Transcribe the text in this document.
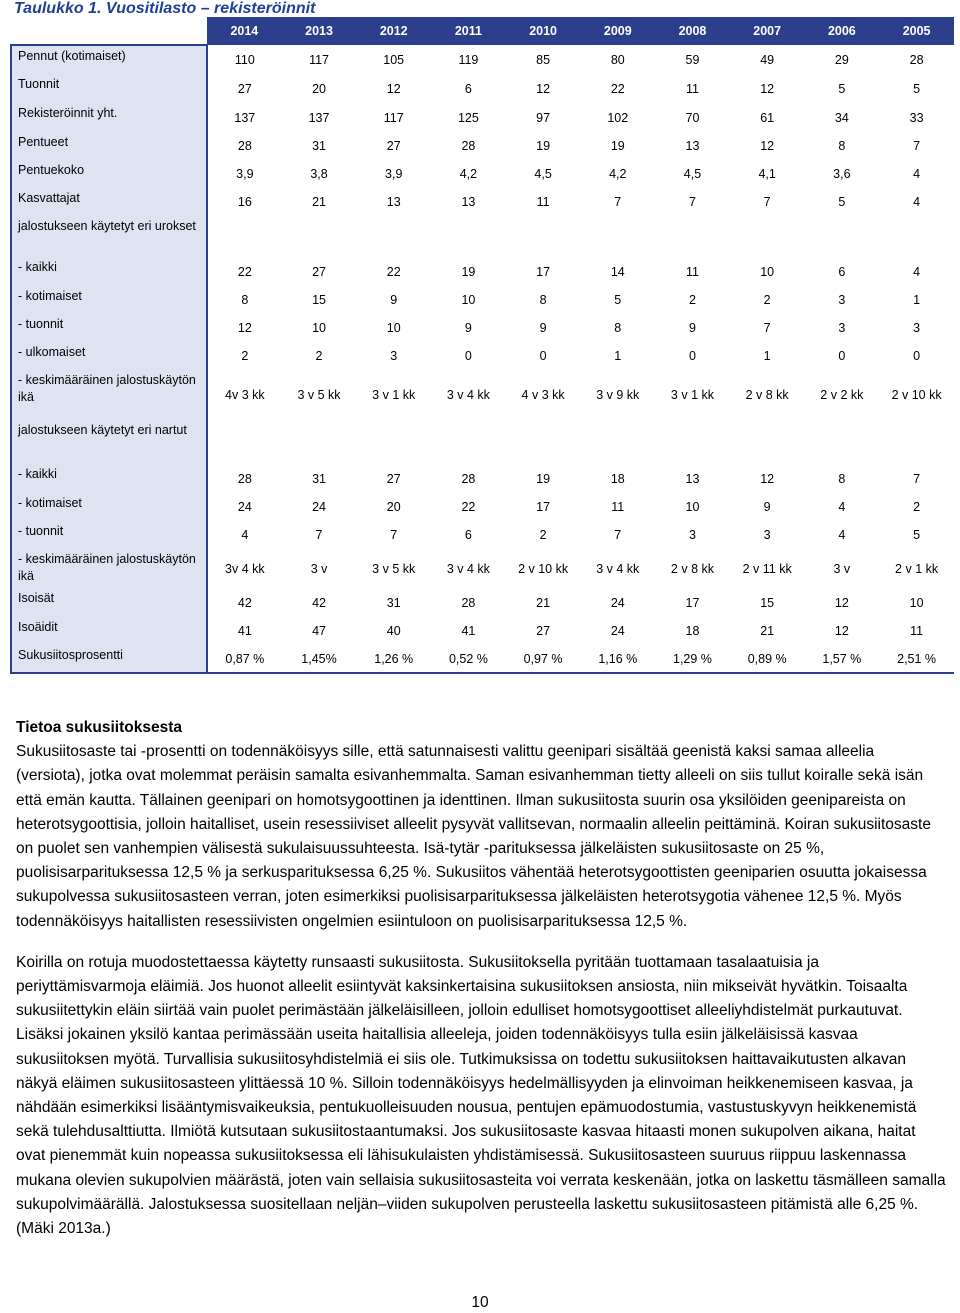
Taulukko 1. Vuositilasto – rekisteröinnit
	2014	2013	2012	2011	2010	2009	2008	2007	2006	2005
Pennut (kotimaiset)	110	117	105	119	85	80	59	49	29	28
Tuonnit	27	20	12	6	12	22	11	12	5	5
Rekisteröinnit yht.	137	137	117	125	97	102	70	61	34	33
Pentueet	28	31	27	28	19	19	13	12	8	7
Pentuekoko	3,9	3,8	3,9	4,2	4,5	4,2	4,5	4,1	3,6	4
Kasvattajat	16	21	13	13	11	7	7	7	5	4
jalostukseen käytetyt eri urokset										
- kaikki	22	27	22	19	17	14	11	10	6	4
- kotimaiset	8	15	9	10	8	5	2	2	3	1
- tuonnit	12	10	10	9	9	8	9	7	3	3
- ulkomaiset	2	2	3	0	0	1	0	1	0	0
- keskimääräinen jalostuskäytön ikä	4v 3 kk	3 v 5 kk	3 v 1 kk	3 v 4 kk	4 v 3 kk	3 v 9 kk	3 v 1 kk	2 v 8 kk	2 v 2 kk	2 v 10 kk
jalostukseen käytetyt eri nartut										
- kaikki	28	31	27	28	19	18	13	12	8	7
- kotimaiset	24	24	20	22	17	11	10	9	4	2
- tuonnit	4	7	7	6	2	7	3	3	4	5
- keskimääräinen jalostuskäytön ikä	3v 4 kk	3 v	3 v 5 kk	3 v 4 kk	2 v 10 kk	3 v 4 kk	2 v 8 kk	2 v 11 kk	3 v	2 v 1 kk
Isoisät	42	42	31	28	21	24	17	15	12	10
Isoäidit	41	47	40	41	27	24	18	21	12	11
Sukusiitosprosentti	0,87 %	1,45%	1,26 %	0,52 %	0,97 %	1,16 %	1,29 %	0,89 %	1,57 %	2,51 %

Tietoa sukusiitoksesta

Sukusiitosaste tai -prosentti on todennäköisyys sille, että satunnaisesti valittu geenipari sisältää geenistä kaksi samaa alleelia (versiota), jotka ovat molemmat peräisin samalta esivanhemmalta. Saman esivanhemman tietty alleeli on siis tullut koiralle sekä isän että emän kautta. Tällainen geenipari on homotsygoottinen ja identtinen. Ilman sukusiitosta suurin osa yksilöiden geenipareista on heterotsygoottisia, jolloin haitalliset, usein resessiiviset alleelit pysyvät vallitsevan, normaalin alleelin peittäminä. Koiran sukusiitosaste on puolet sen vanhempien välisestä sukulaisuussuhteesta. Isä-tytär -parituksessa jälkeläisten sukusiitosaste on 25 %, puolisisarparituksessa 12,5 % ja serkusparituksessa 6,25 %. Sukusiitos vähentää heterotsygoottisten geeniparien osuutta jokaisessa sukupolvessa sukusiitosasteen verran, joten esimerkiksi puolisisarparituksessa jälkeläisten heterotsygotia vähenee 12,5 %. Myös todennäköisyys haitallisten resessiivisten ongelmien esiintuloon on puolisisarparituksessa 12,5 %.

Koirilla on rotuja muodostettaessa käytetty runsaasti sukusiitosta. Sukusiitoksella pyritään tuottamaan tasalaatuisia ja periyttämisvarmoja eläimiä. Jos huonot alleelit esiintyvät kaksinkertaisina sukusiitoksen ansiosta, niin mikseivät hyvätkin. Toisaalta sukusiitettykin eläin siirtää vain puolet perimästään jälkeläisilleen, jolloin edulliset homotsygoottiset alleeliyhdistelmät purkautuvat. Lisäksi jokainen yksilö kantaa perimässään useita haitallisia alleeleja, joiden todennäköisyys tulla esiin jälkeläisissä kasvaa sukusiitoksen myötä. Turvallisia sukusiitosyhdistelmiä ei siis ole. Tutkimuksissa on todettu sukusiitoksen haittavaikutusten alkavan näkyä eläimen sukusiitosasteen ylittäessä 10 %. Silloin todennäköisyys hedelmällisyyden ja elinvoiman heikkenemiseen kasvaa, ja nähdään esimerkiksi lisääntymisvaikeuksia, pentukuolleisuuden nousua, pentujen epämuodostumia, vastustuskyvyn heikkenemistä sekä tulehdusalttiutta. Ilmiötä kutsutaan sukusiitostaantumaksi. Jos sukusiitosaste kasvaa hitaasti monen sukupolven aikana, haitat ovat pienemmät kuin nopeassa sukusiitoksessa eli lähisukulaisten yhdistämisessä. Sukusiitosasteen suuruus riippuu laskennassa mukana olevien sukupolvien määrästä, joten vain sellaisia sukusiitosasteita voi verrata keskenään, jotka on laskettu täsmälleen samalla sukupolvimäärällä. Jalostuksessa suositellaan neljän–viiden sukupolven perusteella laskettu sukusiitosasteen pitämistä alle 6,25 %. (Mäki 2013a.)

10
